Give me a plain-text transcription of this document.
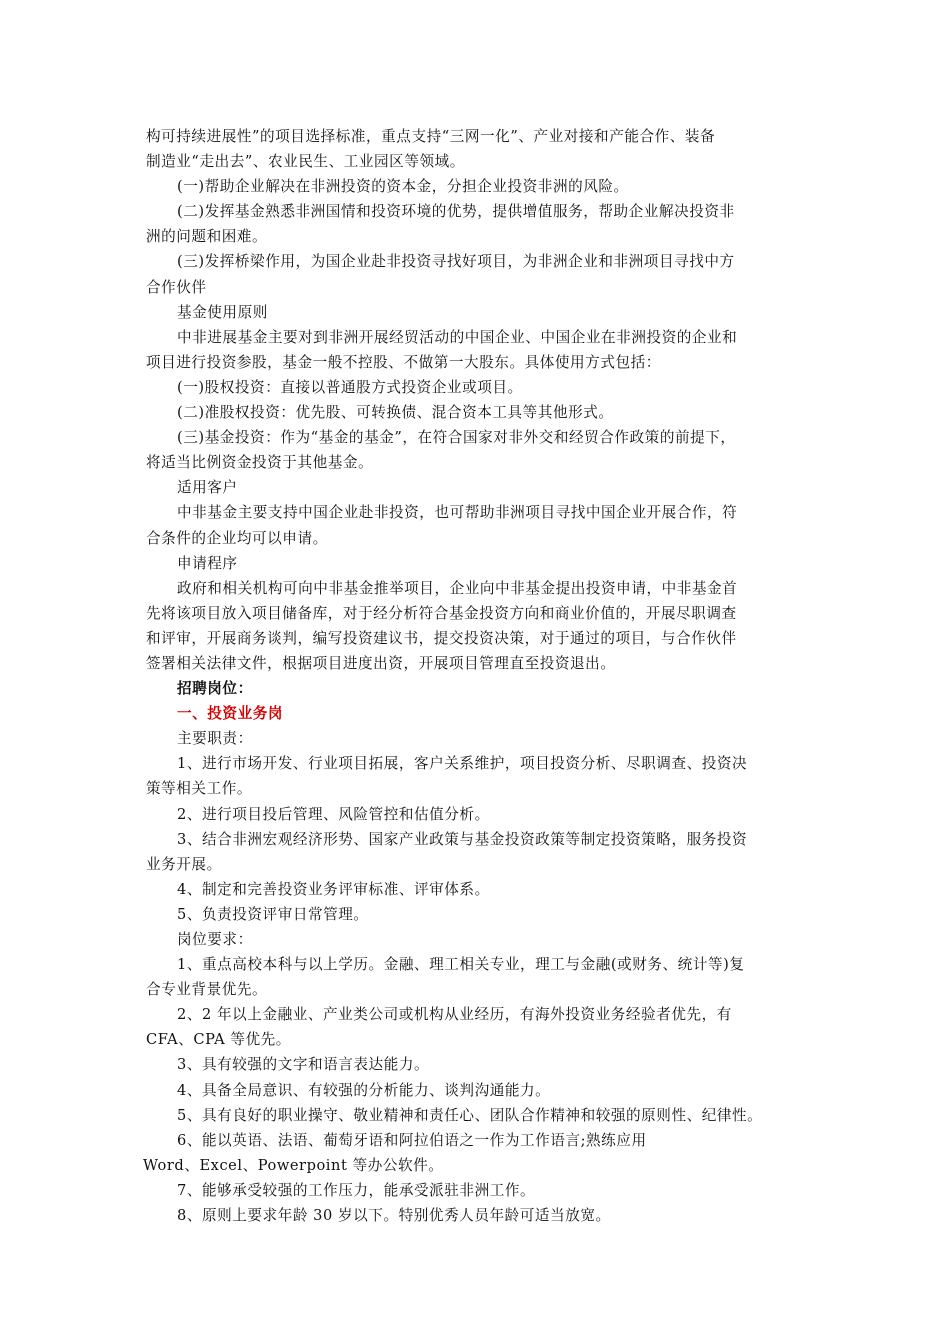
构可持续进展性”的项目选择标准，重点支持“三网一化”、产业对接和产能合作、装备
制造业“走出去”、农业民生、工业园区等领域。
(一)帮助企业解决在非洲投资的资本金，分担企业投资非洲的风险。
(二)发挥基金熟悉非洲国情和投资环境的优势，提供增值服务，帮助企业解决投资非
洲的问题和困难。
(三)发挥桥梁作用，为国企业赴非投资寻找好项目，为非洲企业和非洲项目寻找中方
合作伙伴
基金使用原则
中非进展基金主要对到非洲开展经贸活动的中国企业、中国企业在非洲投资的企业和
项目进行投资参股，基金一般不控股、不做第一大股东。具体使用方式包括：
(一)股权投资：直接以普通股方式投资企业或项目。
(二)准股权投资：优先股、可转换债、混合资本工具等其他形式。
(三)基金投资：作为“基金的基金”，在符合国家对非外交和经贸合作政策的前提下，
将适当比例资金投资于其他基金。
适用客户
中非基金主要支持中国企业赴非投资，也可帮助非洲项目寻找中国企业开展合作，符
合条件的企业均可以申请。
申请程序
政府和相关机构可向中非基金推举项目，企业向中非基金提出投资申请，中非基金首
先将该项目放入项目储备库，对于经分析符合基金投资方向和商业价值的，开展尽职调查
和评审，开展商务谈判，编写投资建议书，提交投资决策，对于通过的项目，与合作伙伴
签署相关法律文件，根据项目进度出资，开展项目管理直至投资退出。
招聘岗位：
一、投资业务岗
主要职责：
1、进行市场开发、行业项目拓展，客户关系维护，项目投资分析、尽职调查、投资决
策等相关工作。
2、进行项目投后管理、风险管控和估值分析。
3、结合非洲宏观经济形势、国家产业政策与基金投资政策等制定投资策略，服务投资
业务开展。
4、制定和完善投资业务评审标准、评审体系。
5、负责投资评审日常管理。
岗位要求：
1、重点高校本科与以上学历。金融、理工相关专业，理工与金融(或财务、统计等)复
合专业背景优先。
2、2 年以上金融业、产业类公司或机构从业经历，有海外投资业务经验者优先，有
CFA、CPA 等优先。
3、具有较强的文字和语言表达能力。
4、具备全局意识、有较强的分析能力、谈判沟通能力。
5、具有良好的职业操守、敬业精神和责任心、团队合作精神和较强的原则性、纪律性。
6、能以英语、法语、葡萄牙语和阿拉伯语之一作为工作语言;熟练应用
Word、Excel、Powerpoint 等办公软件。
7、能够承受较强的工作压力，能承受派驻非洲工作。
8、原则上要求年龄 30 岁以下。特别优秀人员年龄可适当放宽。
